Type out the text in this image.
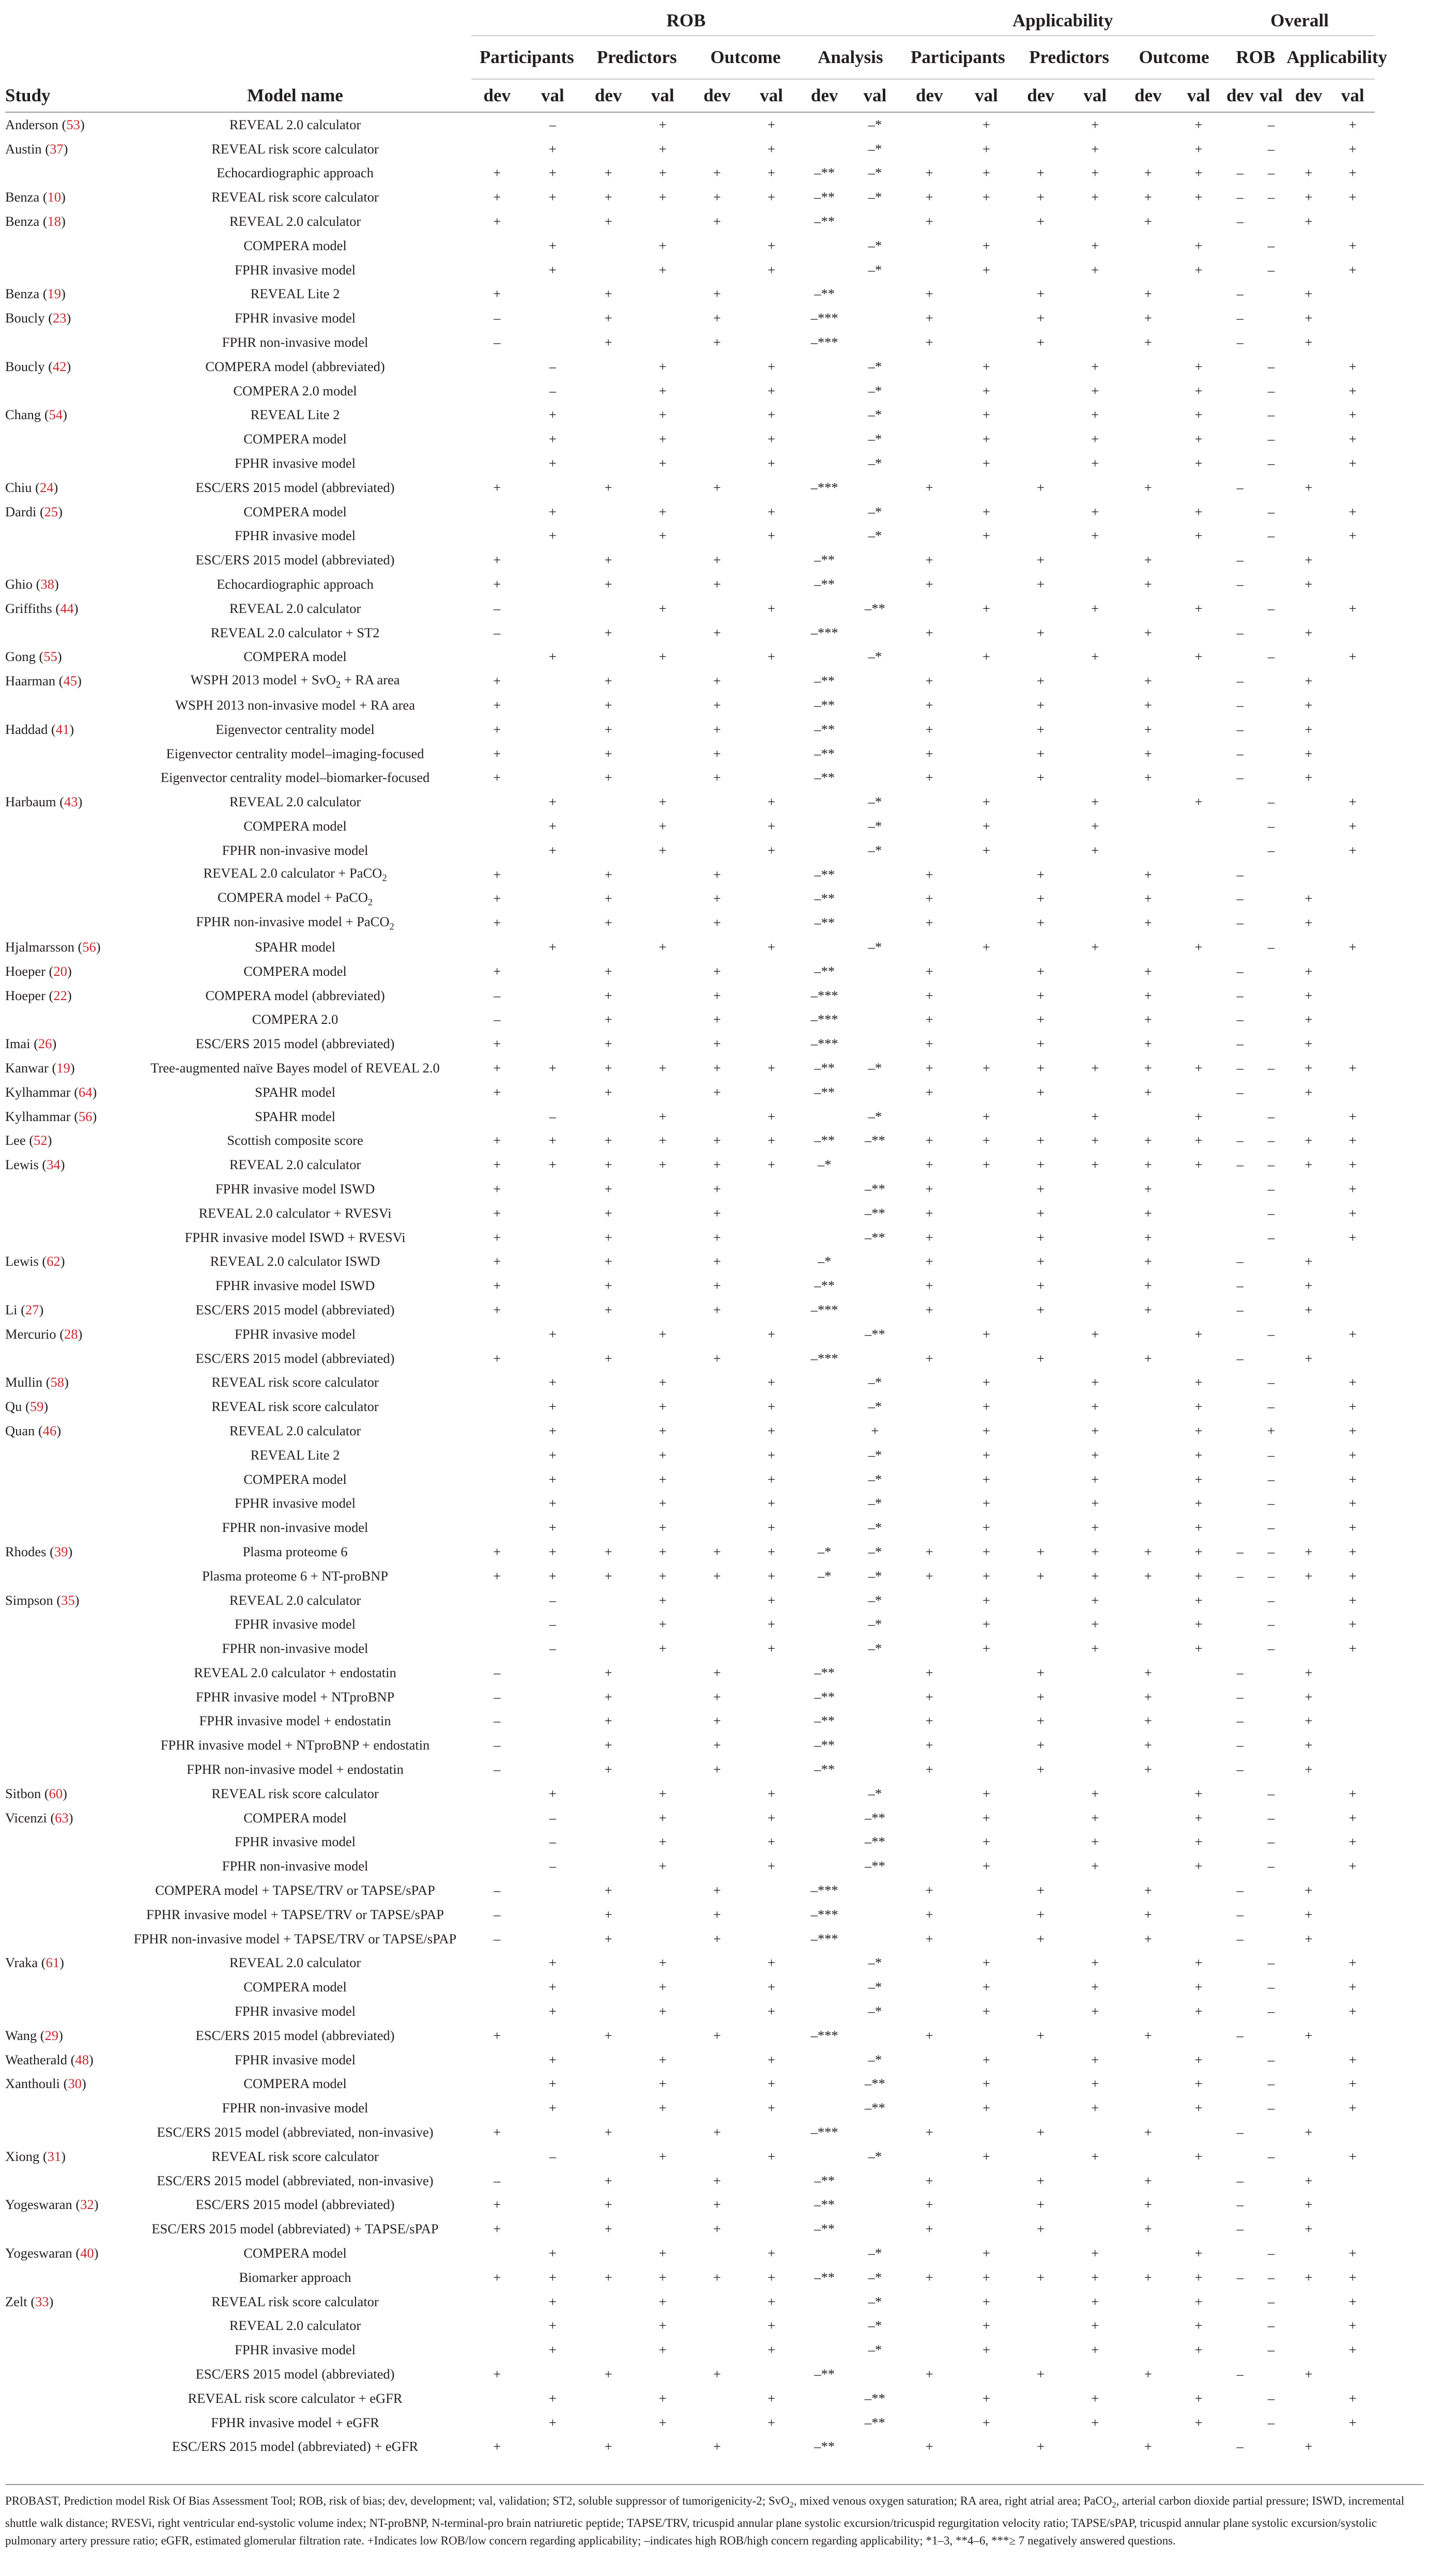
		ROB								Applicability						Overall			
		Participants		Predictors		Outcome		Analysis		Participants		Predictors		Outcome		ROB		Applicability	
Study	Model name	dev	val	dev	val	dev	val	dev	val	dev	val	dev	val	dev	val	dev	val	dev	val
Anderson (53)	REVEAL 2.0 calculator		–		+		+		–*		+		+		+		–		+
Austin (37)	REVEAL risk score calculator		+		+		+		–*		+		+		+		–		+
	Echocardiographic approach	+	+	+	+	+	+	–**	–*	+	+	+	+	+	+	–	–	+	+
Benza (10)	REVEAL risk score calculator	+	+	+	+	+	+	–**	–*	+	+	+	+	+	+	–	–	+	+
Benza (18)	REVEAL 2.0 calculator	+		+		+		–**		+		+		+		–		+	
	COMPERA model		+		+		+		–*		+		+		+		–		+
	FPHR invasive model		+		+		+		–*		+		+		+		–		+
Benza (19)	REVEAL Lite 2	+		+		+		–**		+		+		+		–		+	
Boucly (23)	FPHR invasive model	–		+		+		–***		+		+		+		–		+	
	FPHR non-invasive model	–		+		+		–***		+		+		+		–		+	
Boucly (42)	COMPERA model (abbreviated)		–		+		+		–*		+		+		+		–		+
	COMPERA 2.0 model		–		+		+		–*		+		+		+		–		+
Chang (54)	REVEAL Lite 2		+		+		+		–*		+		+		+		–		+
	COMPERA model		+		+		+		–*		+		+		+		–		+
	FPHR invasive model		+		+		+		–*		+		+		+		–		+
Chiu (24)	ESC/ERS 2015 model (abbreviated)	+		+		+		–***		+		+		+		–		+	
Dardi (25)	COMPERA model		+		+		+		–*		+		+		+		–		+
	FPHR invasive model		+		+		+		–*		+		+		+		–		+
	ESC/ERS 2015 model (abbreviated)	+		+		+		–**		+		+		+		–		+	
Ghio (38)	Echocardiographic approach	+		+		+		–**		+		+		+		–		+	
Griffiths (44)	REVEAL 2.0 calculator	–			+		+		–**		+		+		+		–		+
	REVEAL 2.0 calculator + ST2	–		+		+		–***		+		+		+		–		+	
Gong (55)	COMPERA model		+		+		+		–*		+		+		+		–		+
Haarman (45)	WSPH 2013 model + SvO$_2$ + RA area	+		+		+		–**		+		+		+		–		+	
	WSPH 2013 non-invasive model + RA area	+		+		+		–**		+		+		+		–		+	
Haddad (41)	Eigenvector centrality model	+		+		+		–**		+		+		+		–		+	
	Eigenvector centrality model–imaging-focused	+		+		+		–**		+		+		+		–		+	
	Eigenvector centrality model–biomarker-focused	+		+		+		–**		+		+		+		–		+	
Harbaum (43)	REVEAL 2.0 calculator		+		+		+		–*		+		+		+		–		+
	COMPERA model		+		+		+		–*		+		+				–		+
	FPHR non-invasive model		+		+		+		–*		+		+				–		+
	REVEAL 2.0 calculator + PaCO$_2$	+		+		+		–**		+		+		+		–			
	COMPERA model + PaCO$_2$	+		+		+		–**		+		+		+		–		+	
	FPHR non-invasive model + PaCO$_2$	+		+		+		–**		+		+		+		–		+	
Hjalmarsson (56)	SPAHR model		+		+		+		–*		+		+		+		–		+
Hoeper (20)	COMPERA model	+		+		+		–**		+		+		+		–		+	
Hoeper (22)	COMPERA model (abbreviated)	–		+		+		–***		+		+		+		–		+	
	COMPERA 2.0	–		+		+		–***		+		+		+		–		+	
Imai (26)	ESC/ERS 2015 model (abbreviated)	+		+		+		–***		+		+		+		–		+	
Kanwar (19)	Tree-augmented naïve Bayes model of REVEAL 2.0	+	+	+	+	+	+	–**	–*	+	+	+	+	+	+	–	–	+	+
Kylhammar (64)	SPAHR model	+		+		+		–**		+		+		+		–		+	
Kylhammar (56)	SPAHR model		–		+		+		–*		+		+		+		–		+
Lee (52)	Scottish composite score	+	+	+	+	+	+	–**	–**	+	+	+	+	+	+	–	–	+	+
Lewis (34)	REVEAL 2.0 calculator	+	+	+	+	+	+	–*		+	+	+	+	+	+	–	–	+	+
	FPHR invasive model ISWD	+		+		+			–**	+		+		+			–		+
	REVEAL 2.0 calculator + RVESVi	+		+		+			–**	+		+		+			–		+
	FPHR invasive model ISWD + RVESVi	+		+		+			–**	+		+		+			–		+
Lewis (62)	REVEAL 2.0 calculator ISWD	+		+		+		–*		+		+		+		–		+	
	FPHR invasive model ISWD	+		+		+		–**		+		+		+		–		+	
Li (27)	ESC/ERS 2015 model (abbreviated)	+		+		+		–***		+		+		+		–		+	
Mercurio (28)	FPHR invasive model		+		+		+		–**		+		+		+		–		+
	ESC/ERS 2015 model (abbreviated)	+		+		+		–***		+		+		+		–		+	
Mullin (58)	REVEAL risk score calculator		+		+		+		–*		+		+		+		–		+
Qu (59)	REVEAL risk score calculator		+		+		+		–*		+		+		+		–		+
Quan (46)	REVEAL 2.0 calculator		+		+		+		+		+		+		+		+		+
	REVEAL Lite 2		+		+		+		–*		+		+		+		–		+
	COMPERA model		+		+		+		–*		+		+		+		–		+
	FPHR invasive model		+		+		+		–*		+		+		+		–		+
	FPHR non-invasive model		+		+		+		–*		+		+		+		–		+
Rhodes (39)	Plasma proteome 6	+	+	+	+	+	+	–*	–*	+	+	+	+	+	+	–	–	+	+
	Plasma proteome 6 + NT-proBNP	+	+	+	+	+	+	–*	–*	+	+	+	+	+	+	–	–	+	+
Simpson (35)	REVEAL 2.0 calculator		–		+		+		–*		+		+		+		–		+
	FPHR invasive model		–		+		+		–*		+		+		+		–		+
	FPHR non-invasive model		–		+		+		–*		+		+		+		–		+
	REVEAL 2.0 calculator + endostatin	–		+		+		–**		+		+		+		–		+	
	FPHR invasive model + NTproBNP	–		+		+		–**		+		+		+		–		+	
	FPHR invasive model + endostatin	–		+		+		–**		+		+		+		–		+	
	FPHR invasive model + NTproBNP + endostatin	–		+		+		–**		+		+		+		–		+	
	FPHR non-invasive model + endostatin	–		+		+		–**		+		+		+		–		+	
Sitbon (60)	REVEAL risk score calculator		+		+		+		–*		+		+		+		–		+
Vicenzi (63)	COMPERA model		–		+		+		–**		+		+		+		–		+
	FPHR invasive model		–		+		+		–**		+		+		+		–		+
	FPHR non-invasive model		–		+		+		–**		+		+		+		–		+
	COMPERA model + TAPSE/TRV or TAPSE/sPAP	–		+		+		–***		+		+		+		–		+	
	FPHR invasive model + TAPSE/TRV or TAPSE/sPAP	–		+		+		–***		+		+		+		–		+	
	FPHR non-invasive model + TAPSE/TRV or TAPSE/sPAP	–		+		+		–***		+		+		+		–		+	
Vraka (61)	REVEAL 2.0 calculator		+		+		+		–*		+		+		+		–		+
	COMPERA model		+		+		+		–*		+		+		+		–		+
	FPHR invasive model		+		+		+		–*		+		+		+		–		+
Wang (29)	ESC/ERS 2015 model (abbreviated)	+		+		+		–***		+		+		+		–		+	
Weatherald (48)	FPHR invasive model		+		+		+		–*		+		+		+		–		+
Xanthouli (30)	COMPERA model		+		+		+		–**		+		+		+		–		+
	FPHR non-invasive model		+		+		+		–**		+		+		+		–		+
	ESC/ERS 2015 model (abbreviated, non-invasive)	+		+		+		–***		+		+		+		–		+	
Xiong (31)	REVEAL risk score calculator		–		+		+		–*		+		+		+		–		+
	ESC/ERS 2015 model (abbreviated, non-invasive)	–		+		+		–**		+		+		+		–		+	
Yogeswaran (32)	ESC/ERS 2015 model (abbreviated)	+		+		+		–**		+		+		+		–		+	
	ESC/ERS 2015 model (abbreviated) + TAPSE/sPAP	+		+		+		–**		+		+		+		–		+	
Yogeswaran (40)	COMPERA model		+		+		+		–*		+		+		+		–		+
	Biomarker approach	+	+	+	+	+	+	–**	–*	+	+	+	+	+	+	–	–	+	+
Zelt (33)	REVEAL risk score calculator		+		+		+		–*		+		+		+		–		+
	REVEAL 2.0 calculator		+		+		+		–*		+		+		+		–		+
	FPHR invasive model		+		+		+		–*		+		+		+		–		+
	ESC/ERS 2015 model (abbreviated)	+		+		+		–**		+		+		+		–		+	
	REVEAL risk score calculator + eGFR		+		+		+		–**		+		+		+		–		+
	FPHR invasive model + eGFR		+		+		+		–**		+		+		+		–		+
	ESC/ERS 2015 model (abbreviated) + eGFR	+		+		+		–**		+		+		+		–		+	

PROBAST, Prediction model Risk Of Bias Assessment Tool; ROB, risk of bias; dev, development; val, validation; ST2, soluble suppressor of tumorigenicity-2; SvO$_2$, mixed venous oxygen saturation; RA area, right atrial area; PaCO$_2$, arterial carbon dioxide partial pressure; ISWD, incremental shuttle walk distance; RVESVi, right ventricular end-systolic volume index; NT-proBNP, N-terminal-pro brain natriuretic peptide; TAPSE/TRV, tricuspid annular plane systolic excursion/tricuspid regurgitation velocity ratio; TAPSE/sPAP, tricuspid annular plane systolic excursion/systolic pulmonary artery pressure ratio; eGFR, estimated glomerular filtration rate. +Indicates low ROB/low concern regarding applicability; –indicates high ROB/high concern regarding applicability; *1–3, **4–6, ***≥ 7 negatively answered questions.
